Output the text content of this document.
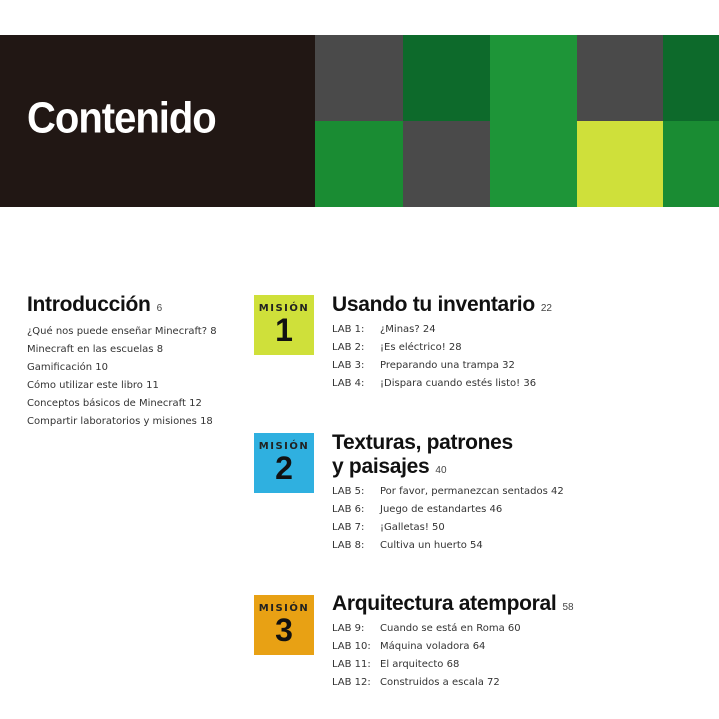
Contenido
Introducción 6
¿Qué nos puede enseñar Minecraft? 8
Minecraft en las escuelas 8
Gamificación 10
Cómo utilizar este libro 11
Conceptos básicos de Minecraft 12
Compartir laboratorios y misiones 18
MISIÓN
1
Usando tu inventario 22
LAB 1: ¿Minas? 24
LAB 2: ¡Es eléctrico! 28
LAB 3: Preparando una trampa 32
LAB 4: ¡Dispara cuando estés listo! 36
MISIÓN
2
Texturas, patrones
y paisajes 40
LAB 5: Por favor, permanezcan sentados 42
LAB 6: Juego de estandartes 46
LAB 7: ¡Galletas! 50
LAB 8: Cultiva un huerto 54
MISIÓN
3
Arquitectura atemporal 58
LAB 9: Cuando se está en Roma 60
LAB 10: Máquina voladora 64
LAB 11: El arquitecto 68
LAB 12: Construidos a escala 72
